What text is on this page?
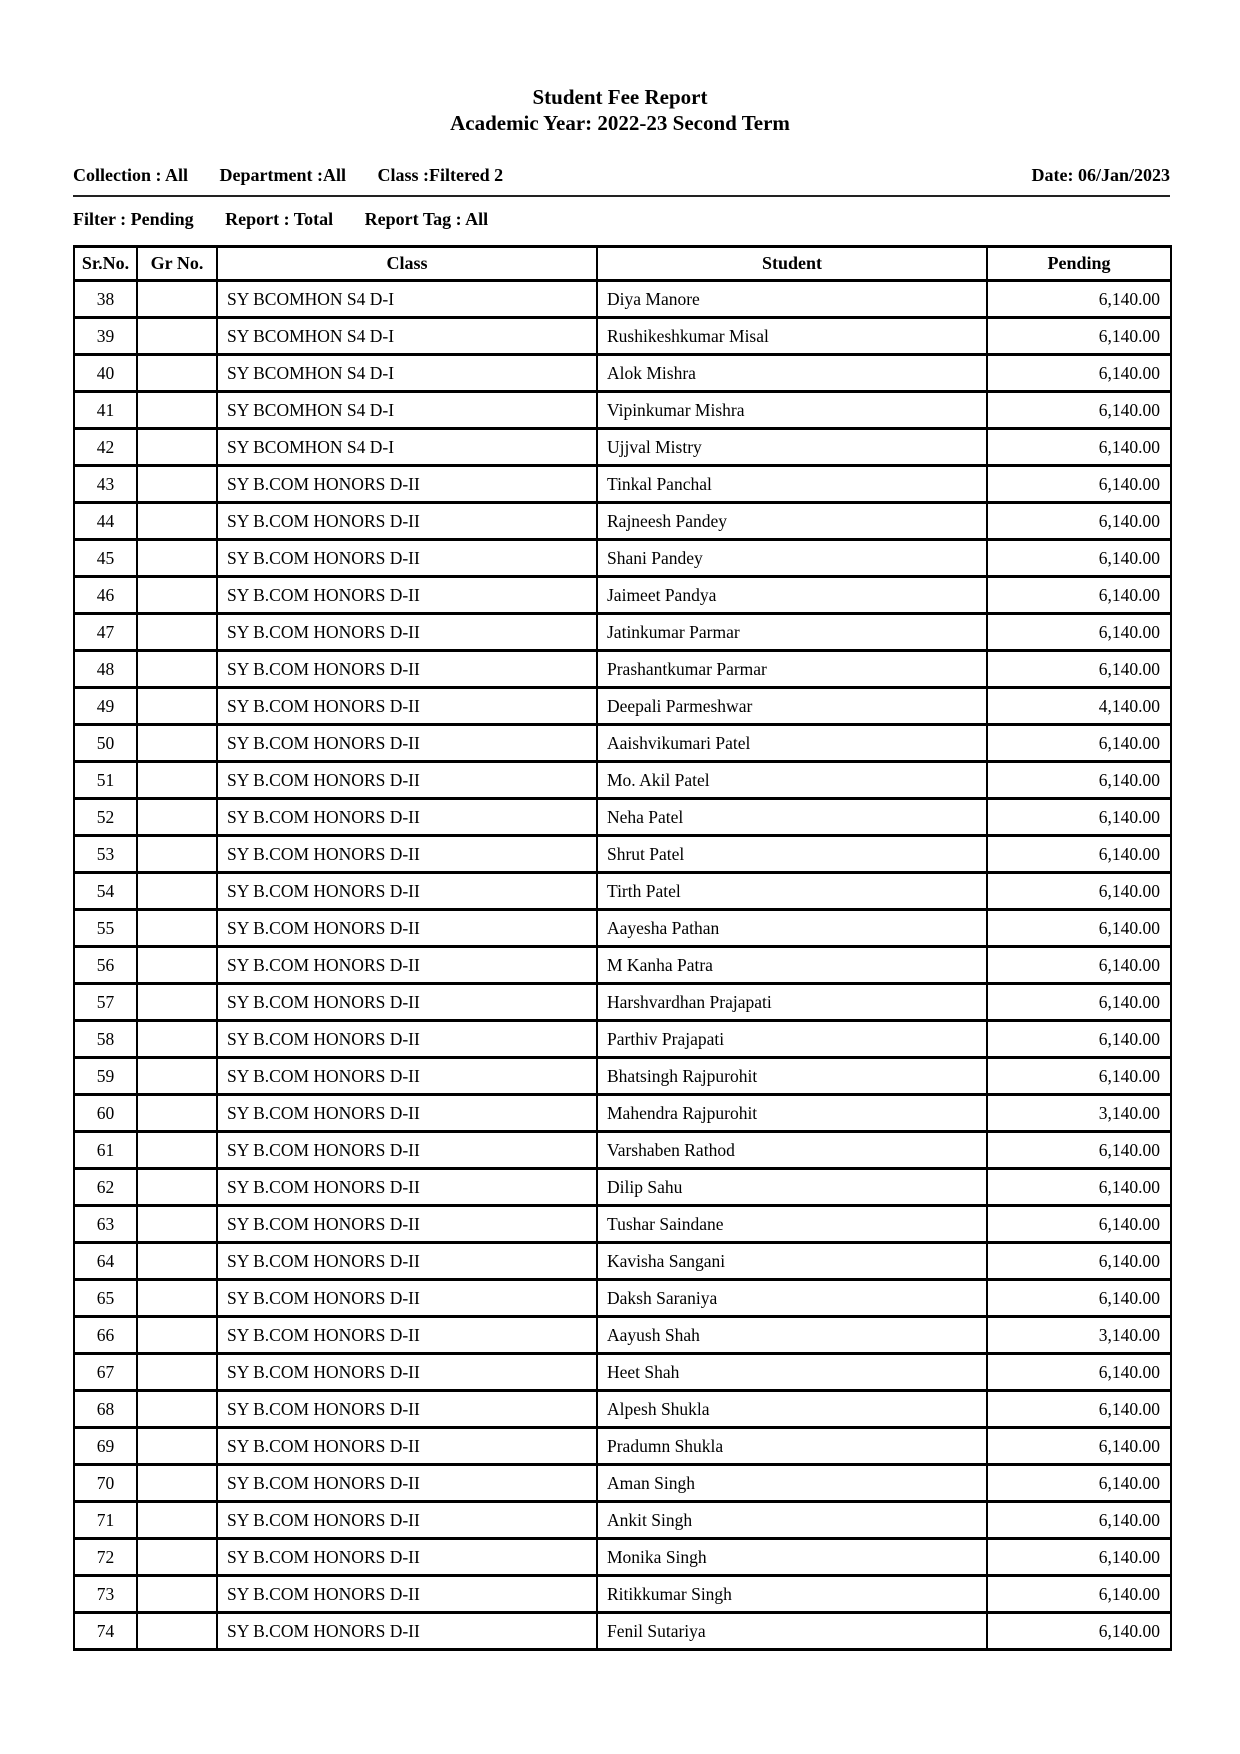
Student Fee Report
Academic Year: 2022-23 Second Term
Collection : All Department :All Class :Filtered 2	Date: 06/Jan/2023
Filter : Pending Report : Total Report Tag : All
Sr.No.	Gr No.	Class	Student	Pending
38		SY BCOMHON S4 D-I	Diya Manore	6,140.00
39		SY BCOMHON S4 D-I	Rushikeshkumar Misal	6,140.00
40		SY BCOMHON S4 D-I	Alok Mishra	6,140.00
41		SY BCOMHON S4 D-I	Vipinkumar Mishra	6,140.00
42		SY BCOMHON S4 D-I	Ujjval Mistry	6,140.00
43		SY B.COM HONORS D-II	Tinkal Panchal	6,140.00
44		SY B.COM HONORS D-II	Rajneesh Pandey	6,140.00
45		SY B.COM HONORS D-II	Shani Pandey	6,140.00
46		SY B.COM HONORS D-II	Jaimeet Pandya	6,140.00
47		SY B.COM HONORS D-II	Jatinkumar Parmar	6,140.00
48		SY B.COM HONORS D-II	Prashantkumar Parmar	6,140.00
49		SY B.COM HONORS D-II	Deepali Parmeshwar	4,140.00
50		SY B.COM HONORS D-II	Aaishvikumari Patel	6,140.00
51		SY B.COM HONORS D-II	Mo. Akil Patel	6,140.00
52		SY B.COM HONORS D-II	Neha Patel	6,140.00
53		SY B.COM HONORS D-II	Shrut Patel	6,140.00
54		SY B.COM HONORS D-II	Tirth Patel	6,140.00
55		SY B.COM HONORS D-II	Aayesha Pathan	6,140.00
56		SY B.COM HONORS D-II	M Kanha Patra	6,140.00
57		SY B.COM HONORS D-II	Harshvardhan Prajapati	6,140.00
58		SY B.COM HONORS D-II	Parthiv Prajapati	6,140.00
59		SY B.COM HONORS D-II	Bhatsingh Rajpurohit	6,140.00
60		SY B.COM HONORS D-II	Mahendra Rajpurohit	3,140.00
61		SY B.COM HONORS D-II	Varshaben Rathod	6,140.00
62		SY B.COM HONORS D-II	Dilip Sahu	6,140.00
63		SY B.COM HONORS D-II	Tushar Saindane	6,140.00
64		SY B.COM HONORS D-II	Kavisha Sangani	6,140.00
65		SY B.COM HONORS D-II	Daksh Saraniya	6,140.00
66		SY B.COM HONORS D-II	Aayush Shah	3,140.00
67		SY B.COM HONORS D-II	Heet Shah	6,140.00
68		SY B.COM HONORS D-II	Alpesh Shukla	6,140.00
69		SY B.COM HONORS D-II	Pradumn Shukla	6,140.00
70		SY B.COM HONORS D-II	Aman Singh	6,140.00
71		SY B.COM HONORS D-II	Ankit Singh	6,140.00
72		SY B.COM HONORS D-II	Monika Singh	6,140.00
73		SY B.COM HONORS D-II	Ritikkumar Singh	6,140.00
74		SY B.COM HONORS D-II	Fenil Sutariya	6,140.00
